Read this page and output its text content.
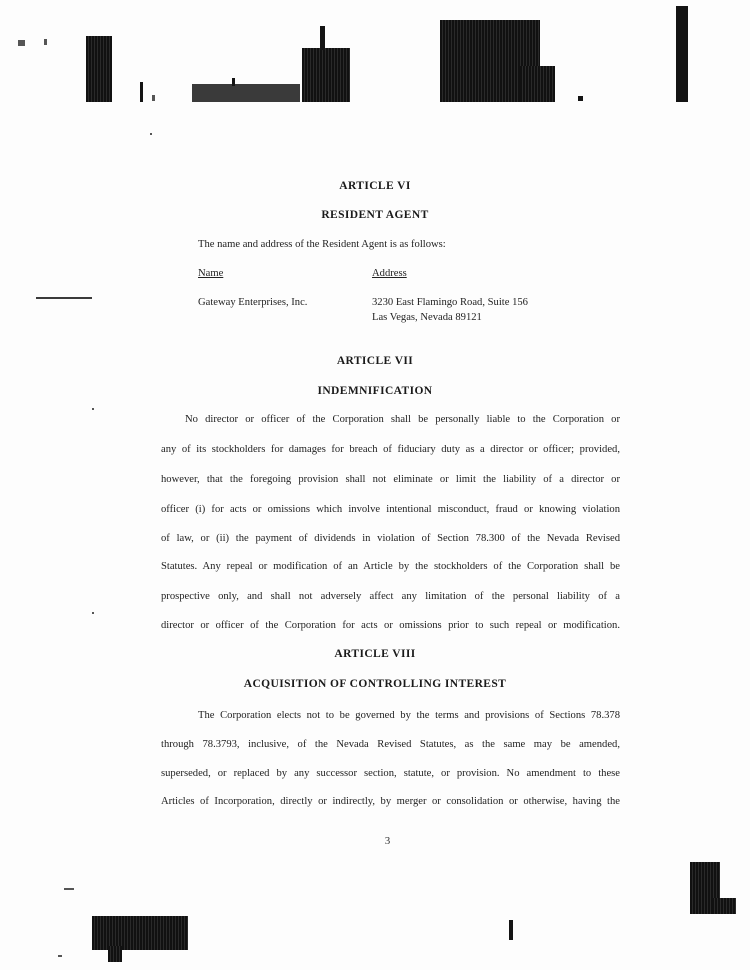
ARTICLE VI
RESIDENT AGENT
The name and address of the Resident Agent is as follows:
Name	Address
Gateway Enterprises, Inc.	3230 East Flamingo Road, Suite 156
Las Vegas, Nevada 89121
ARTICLE VII
INDEMNIFICATION
No director or officer of the Corporation shall be personally liable to the Corporation or
any of its stockholders for damages for breach of fiduciary duty as a director or officer; provided,
however, that the foregoing provision shall not eliminate or limit the liability of a director or
officer (i) for acts or omissions which involve intentional misconduct, fraud or knowing violation
of law, or (ii) the payment of dividends in violation of Section 78.300 of the Nevada Revised
Statutes. Any repeal or modification of an Article by the stockholders of the Corporation shall be
prospective only, and shall not adversely affect any limitation of the personal liability of a
director or officer of the Corporation for acts or omissions prior to such repeal or modification.
ARTICLE VIII
ACQUISITION OF CONTROLLING INTEREST
The Corporation elects not to be governed by the terms and provisions of Sections 78.378
through 78.3793, inclusive, of the Nevada Revised Statutes, as the same may be amended,
superseded, or replaced by any successor section, statute, or provision. No amendment to these
Articles of Incorporation, directly or indirectly, by merger or consolidation or otherwise, having the
3
